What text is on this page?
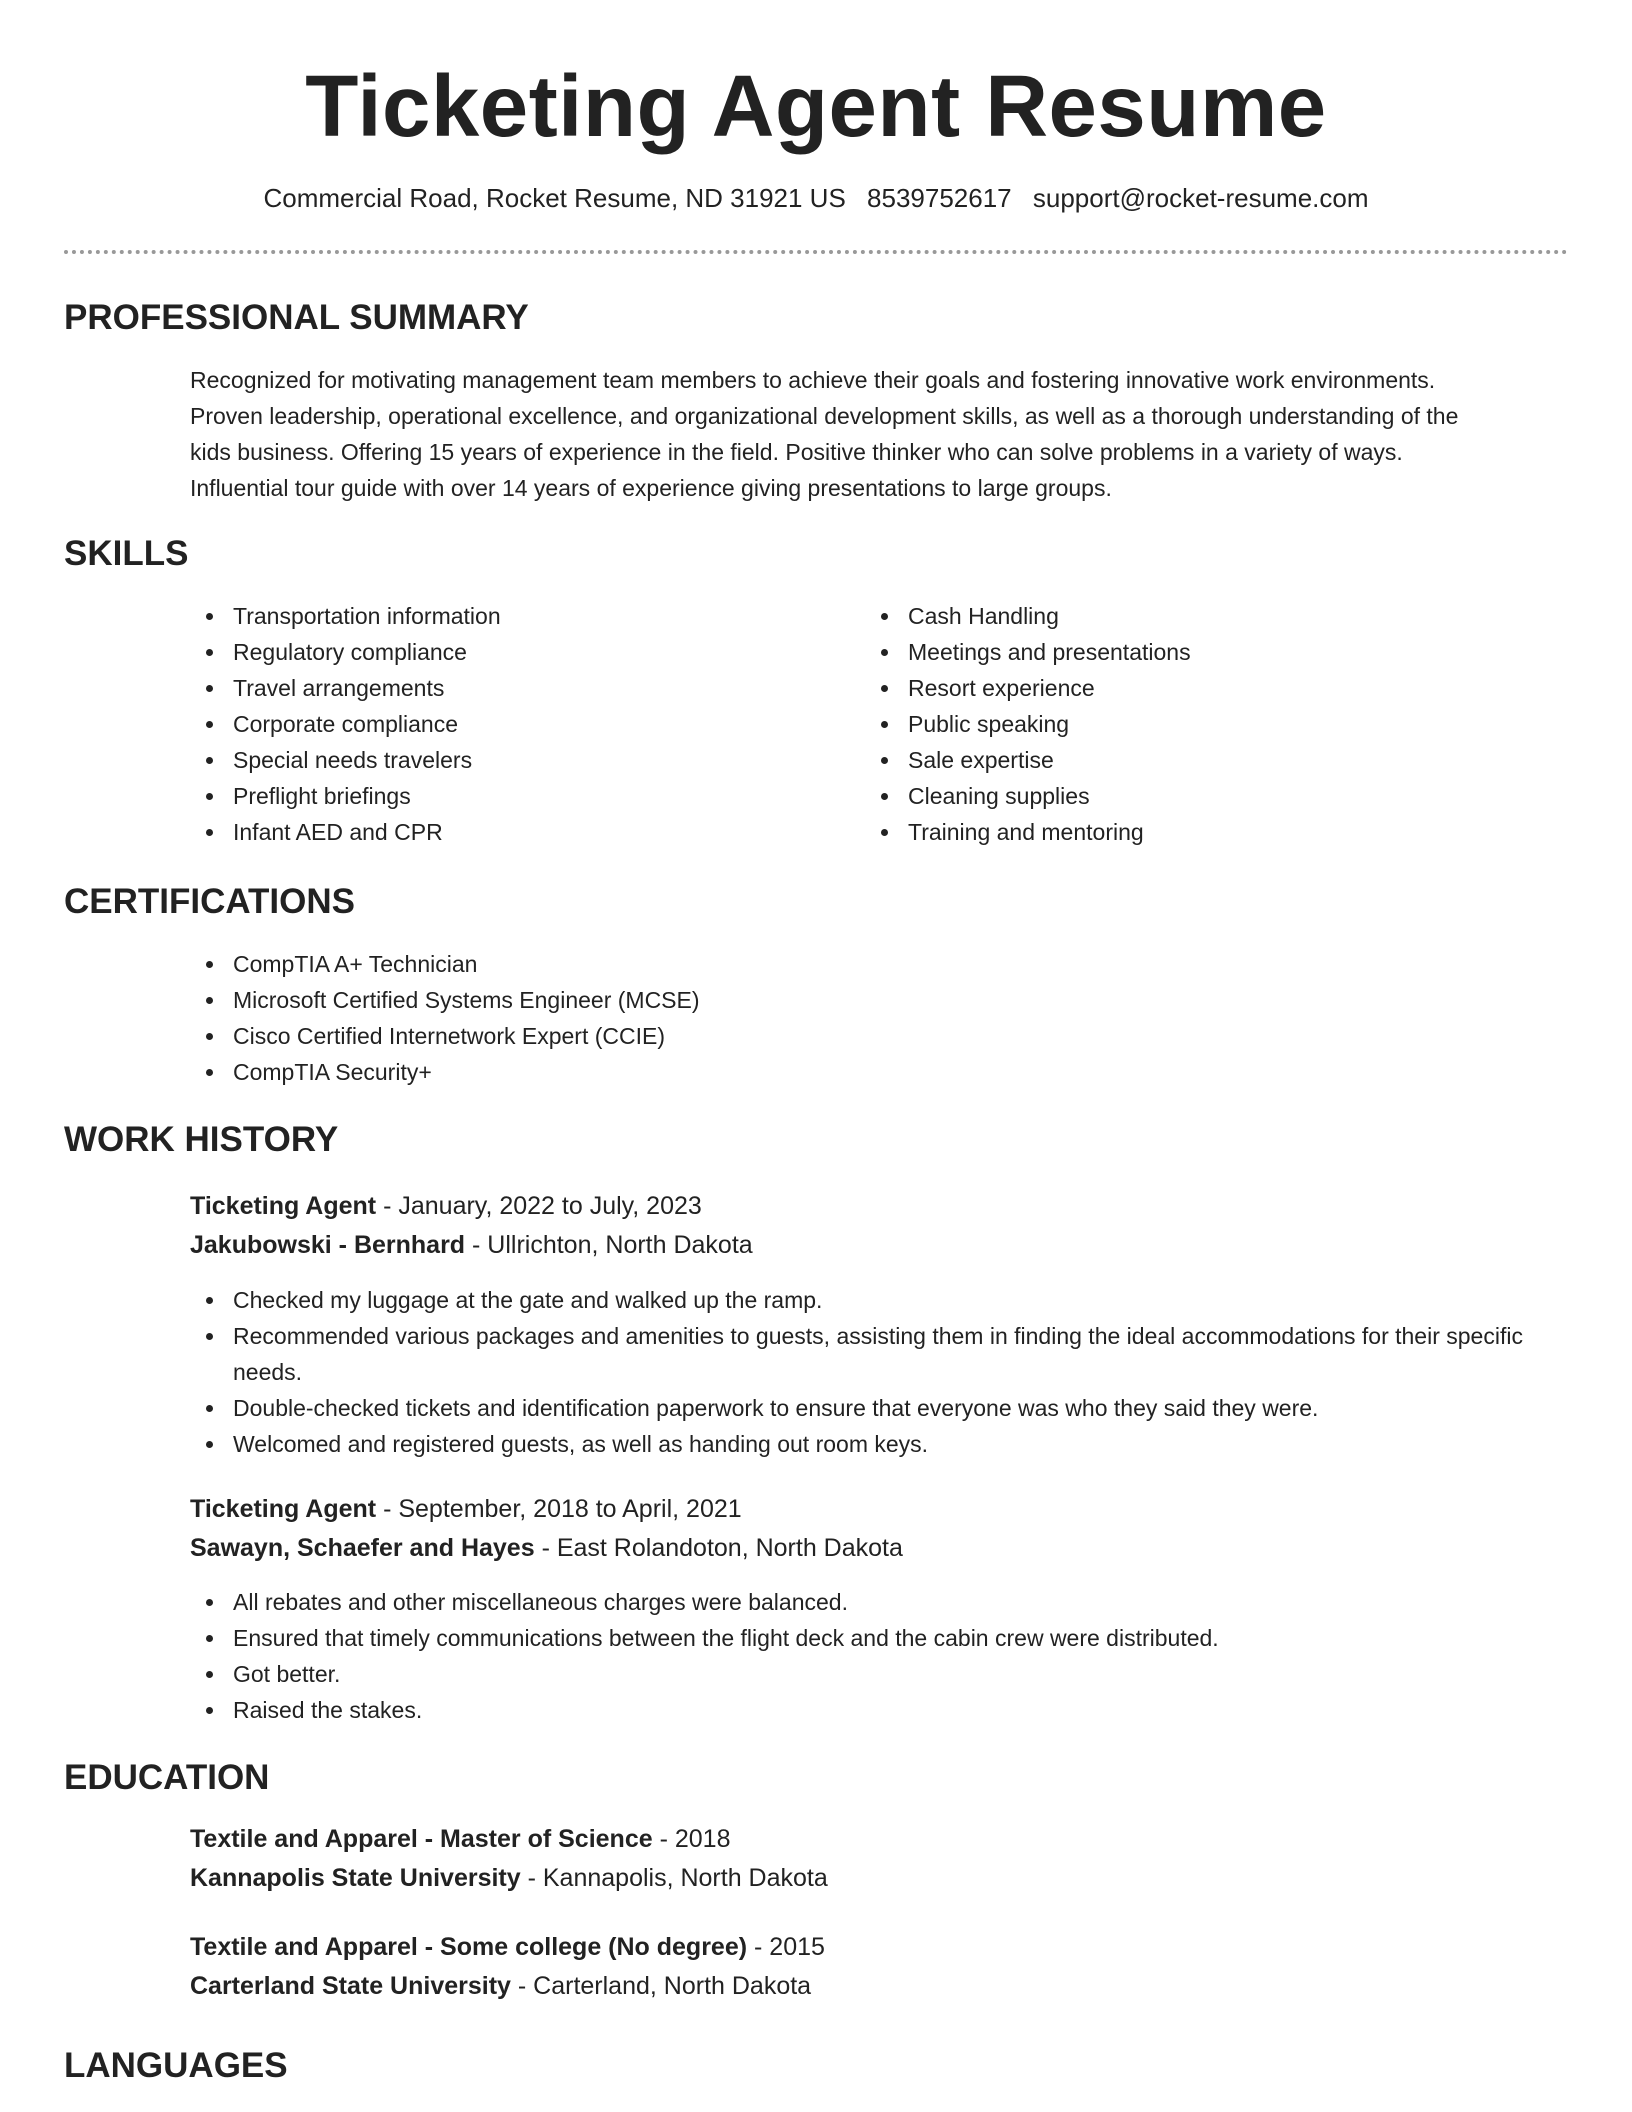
Ticketing Agent Resume
Commercial Road, Rocket Resume, ND 31921 US 8539752617 support@rocket-resume.com
PROFESSIONAL SUMMARY
Recognized for motivating management team members to achieve their goals and fostering innovative work environments.
Proven leadership, operational excellence, and organizational development skills, as well as a thorough understanding of the
kids business. Offering 15 years of experience in the field. Positive thinker who can solve problems in a variety of ways.
Influential tour guide with over 14 years of experience giving presentations to large groups.
SKILLS
Transportation information
Regulatory compliance
Travel arrangements
Corporate compliance
Special needs travelers
Preflight briefings
Infant AED and CPR
Cash Handling
Meetings and presentations
Resort experience
Public speaking
Sale expertise
Cleaning supplies
Training and mentoring
CERTIFICATIONS
CompTIA A+ Technician
Microsoft Certified Systems Engineer (MCSE)
Cisco Certified Internetwork Expert (CCIE)
CompTIA Security+
WORK HISTORY
Ticketing Agent - January, 2022 to July, 2023
Jakubowski - Bernhard - Ullrichton, North Dakota
Checked my luggage at the gate and walked up the ramp.
Recommended various packages and amenities to guests, assisting them in finding the ideal accommodations for their specific needs.
Double-checked tickets and identification paperwork to ensure that everyone was who they said they were.
Welcomed and registered guests, as well as handing out room keys.
Ticketing Agent - September, 2018 to April, 2021
Sawayn, Schaefer and Hayes - East Rolandoton, North Dakota
All rebates and other miscellaneous charges were balanced.
Ensured that timely communications between the flight deck and the cabin crew were distributed.
Got better.
Raised the stakes.
EDUCATION
Textile and Apparel - Master of Science - 2018
Kannapolis State University - Kannapolis, North Dakota
Textile and Apparel - Some college (No degree) - 2015
Carterland State University - Carterland, North Dakota
LANGUAGES
